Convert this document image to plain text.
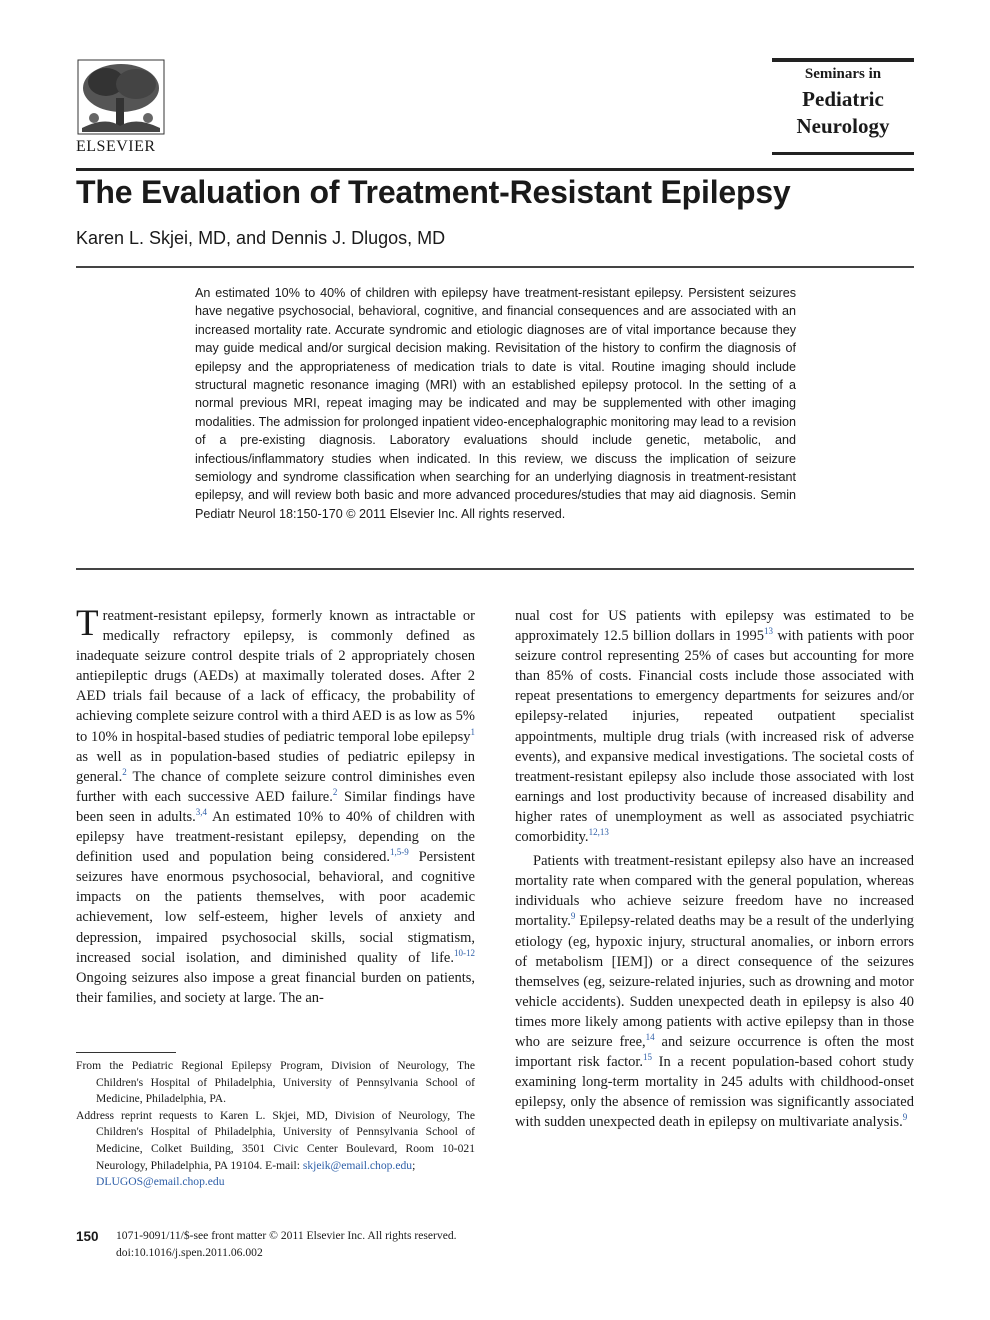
ELSEVIER
Seminars in
Pediatric
Neurology
The Evaluation of Treatment-Resistant Epilepsy
Karen L. Skjei, MD, and Dennis J. Dlugos, MD

An estimated 10% to 40% of children with epilepsy have treatment-resistant epilepsy. Persistent seizures have negative psychosocial, behavioral, cognitive, and financial consequences and are associated with an increased mortality rate. Accurate syndromic and etiologic diagnoses are of vital importance because they may guide medical and/or surgical decision making. Revisitation of the history to confirm the diagnosis of epilepsy and the appropriateness of medication trials to date is vital. Routine imaging should include structural magnetic resonance imaging (MRI) with an established epilepsy protocol. In the setting of a normal previous MRI, repeat imaging may be indicated and may be supplemented with other imaging modalities. The admission for prolonged inpatient video-encephalographic monitoring may lead to a revision of a pre-existing diagnosis. Laboratory evaluations should include genetic, metabolic, and infectious/inflammatory studies when indicated. In this review, we discuss the implication of seizure semiology and syndrome classification when searching for an underlying diagnosis in treatment-resistant epilepsy, and will review both basic and more advanced procedures/studies that may aid diagnosis. Semin Pediatr Neurol 18:150-170 © 2011 Elsevier Inc. All rights reserved.

Treatment-resistant epilepsy, formerly known as intractable or medically refractory epilepsy, is commonly defined as inadequate seizure control despite trials of 2 appropriately chosen antiepileptic drugs (AEDs) at maximally tolerated doses. After 2 AED trials fail because of a lack of efficacy, the probability of achieving complete seizure control with a third AED is as low as 5% to 10% in hospital-based studies of pediatric temporal lobe epilepsy$^1$ as well as in population-based studies of pediatric epilepsy in general.$^2$ The chance of complete seizure control diminishes even further with each successive AED failure.$^2$ Similar findings have been seen in adults.$^{3,4}$ An estimated 10% to 40% of children with epilepsy have treatment-resistant epilepsy, depending on the definition used and population being considered.$^{1,5-9}$ Persistent seizures have enormous psychosocial, behavioral, and cognitive impacts on the patients themselves, with poor academic achievement, low self-esteem, higher levels of anxiety and depression, impaired psychosocial skills, social stigmatism, increased social isolation, and diminished quality of life.$^{10-12}$ Ongoing seizures also impose a great financial burden on patients, their families, and society at large. The an-

nual cost for US patients with epilepsy was estimated to be approximately 12.5 billion dollars in 1995$^{13}$ with patients with poor seizure control representing 25% of cases but accounting for more than 85% of costs. Financial costs include those associated with repeat presentations to emergency departments for seizures and/or epilepsy-related injuries, repeated outpatient specialist appointments, multiple drug trials (with increased risk of adverse events), and expansive medical investigations. The societal costs of treatment-resistant epilepsy also include those associated with lost earnings and lost productivity because of increased disability and higher rates of unemployment as well as associated psychiatric comorbidity.$^{12,13}$

Patients with treatment-resistant epilepsy also have an increased mortality rate when compared with the general population, whereas individuals who achieve seizure freedom have no increased mortality.$^9$ Epilepsy-related deaths may be a result of the underlying etiology (eg, hypoxic injury, structural anomalies, or inborn errors of metabolism [IEM]) or a direct consequence of the seizures themselves (eg, seizure-related injuries, such as drowning and motor vehicle accidents). Sudden unexpected death in epilepsy is also 40 times more likely among patients with active epilepsy than in those who are seizure free,$^{14}$ and seizure occurrence is often the most important risk factor.$^{15}$ In a recent population-based cohort study examining long-term mortality in 245 adults with childhood-onset epilepsy, only the absence of remission was significantly associated with sudden unexpected death in epilepsy on multivariate analysis.$^9$

From the Pediatric Regional Epilepsy Program, Division of Neurology, The Children's Hospital of Philadelphia, University of Pennsylvania School of Medicine, Philadelphia, PA.
Address reprint requests to Karen L. Skjei, MD, Division of Neurology, The Children's Hospital of Philadelphia, University of Pennsylvania School of Medicine, Colket Building, 3501 Civic Center Boulevard, Room 10-021 Neurology, Philadelphia, PA 19104. E-mail: skjeik@email.chop.edu;
DLUGOS@email.chop.edu
150	1071-9091/11/$-see front matter © 2011 Elsevier Inc. All rights reserved.
doi:10.1016/j.spen.2011.06.002
